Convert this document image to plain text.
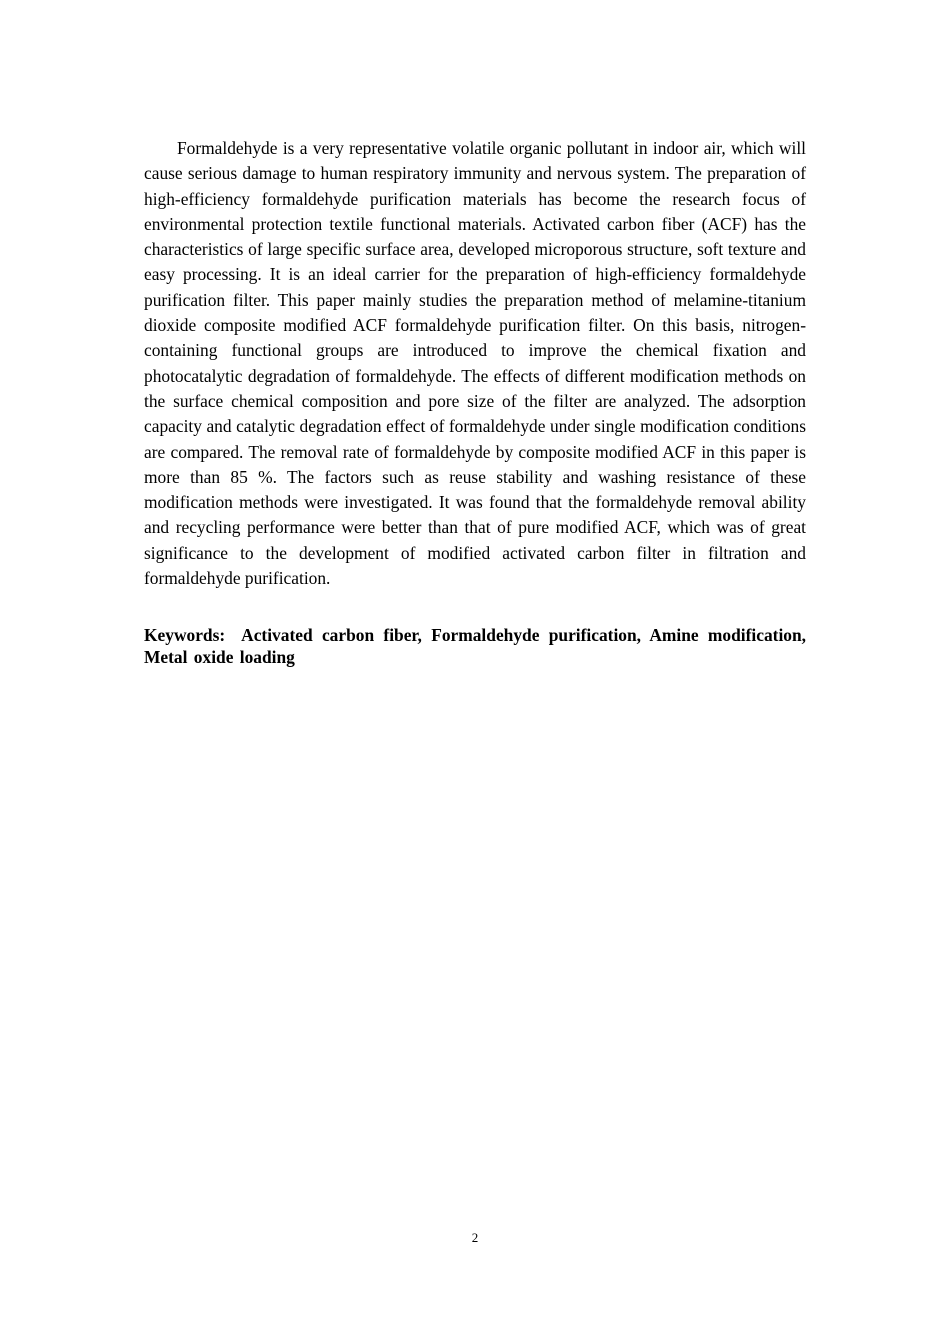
Formaldehyde is a very representative volatile organic pollutant in indoor air, which will cause serious damage to human respiratory immunity and nervous system. The preparation of high-efficiency formaldehyde purification materials has become the research focus of environmental protection textile functional materials. Activated carbon fiber (ACF) has the characteristics of large specific surface area, developed microporous structure, soft texture and easy processing. It is an ideal carrier for the preparation of high-efficiency formaldehyde purification filter. This paper mainly studies the preparation method of melamine-titanium dioxide composite modified ACF formaldehyde purification filter. On this basis, nitrogen-containing functional groups are introduced to improve the chemical fixation and photocatalytic degradation of formaldehyde. The effects of different modification methods on the surface chemical composition and pore size of the filter are analyzed. The adsorption capacity and catalytic degradation effect of formaldehyde under single modification conditions are compared. The removal rate of formaldehyde by composite modified ACF in this paper is more than 85 %. The factors such as reuse stability and washing resistance of these modification methods were investigated. It was found that the formaldehyde removal ability and recycling performance were better than that of pure modified ACF, which was of great significance to the development of modified activated carbon filter in filtration and formaldehyde purification.

Keywords: Activated carbon fiber, Formaldehyde purification, Amine modification, Metal oxide loading

2
